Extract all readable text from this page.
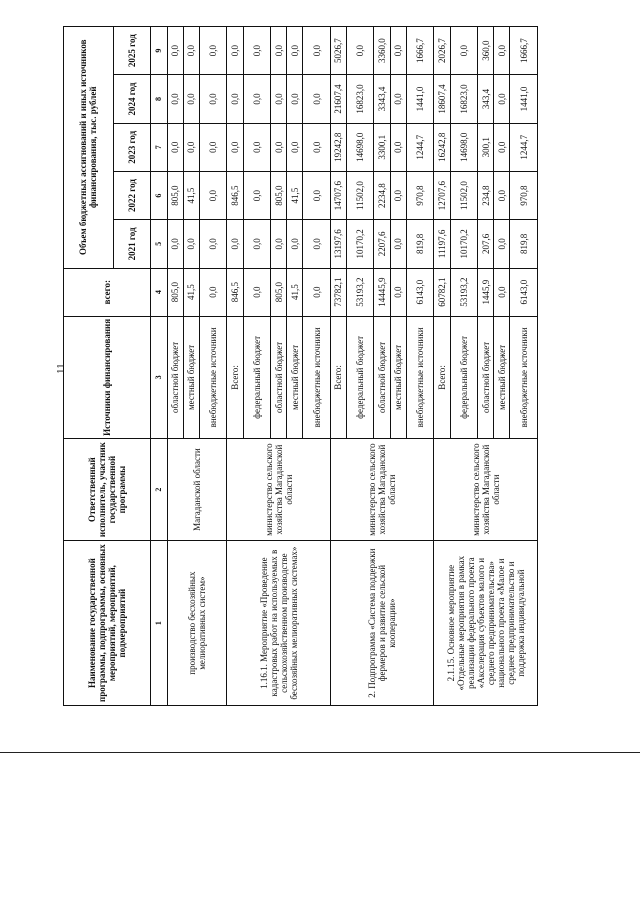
11
Наименование государственной программы, подпрограммы, основных мероприятий, мероприятий, подмероприятий	Ответственный исполнитель, участник государственной программы	Источники финансирования	всего:	Объем бюджетных ассигнований и иных источников финансирования, тыс. рублей				
				2021 год	2022 год	2023 год	2024 год	2025 год
1	2	3	4	5	6	7	8	9
производство бесхозяйных мелиоративных систем»	Магаданской области	областной бюджет	805,0	0,0	805,0	0,0	0,0	0,0
		местный бюджет	41,5	0,0	41,5	0,0	0,0	0,0
		внебюджетные источники	0,0	0,0	0,0	0,0	0,0	0,0
1.16.1. Мероприятие «Проведение кадастровых работ на используемых в сельскохозяйственном производстве бесхозяйных мелиоративных системах»	министерство сельского хозяйства Магаданской области	Всего:	846,5	0,0	846,5	0,0	0,0	0,0
		федеральный бюджет	0,0	0,0	0,0	0,0	0,0	0,0
		областной бюджет	805,0	0,0	805,0	0,0	0,0	0,0
		местный бюджет	41,5	0,0	41,5	0,0	0,0	0,0
		внебюджетные источники	0,0	0,0	0,0	0,0	0,0	0,0
2. Подпрограмма «Система поддержки фермеров и развитие сельской кооперации»	министерство сельского хозяйства Магаданской области	Всего:	73782,1	13197,6	14707,6	19242,8	21607,4	5026,7
		федеральный бюджет	53193,2	10170,2	11502,0	14698,0	16823,0	0,0
		областной бюджет	14445,9	2207,6	2234,8	3300,1	3343,4	3360,0
		местный бюджет	0,0	0,0	0,0	0,0	0,0	0,0
		внебюджетные источники	6143,0	819,8	970,8	1244,7	1441,0	1666,7
2.1.15. Основное мероприятие «Отдельные мероприятия в рамках реализации федерального проекта «Акселерация субъектов малого и среднего предпринимательства» национального проекта «Малое и среднее предпринимательство и поддержка индивидуальной	министерство сельского хозяйства Магаданской области	Всего:	60782,1	11197,6	12707,6	16242,8	18607,4	2026,7
		федеральный бюджет	53193,2	10170,2	11502,0	14698,0	16823,0	0,0
		областной бюджет	1445,9	207,6	234,8	300,1	343,4	360,0
		местный бюджет	0,0	0,0	0,0	0,0	0,0	0,0
		внебюджетные источники	6143,0	819,8	970,8	1244,7	1441,0	1666,7
